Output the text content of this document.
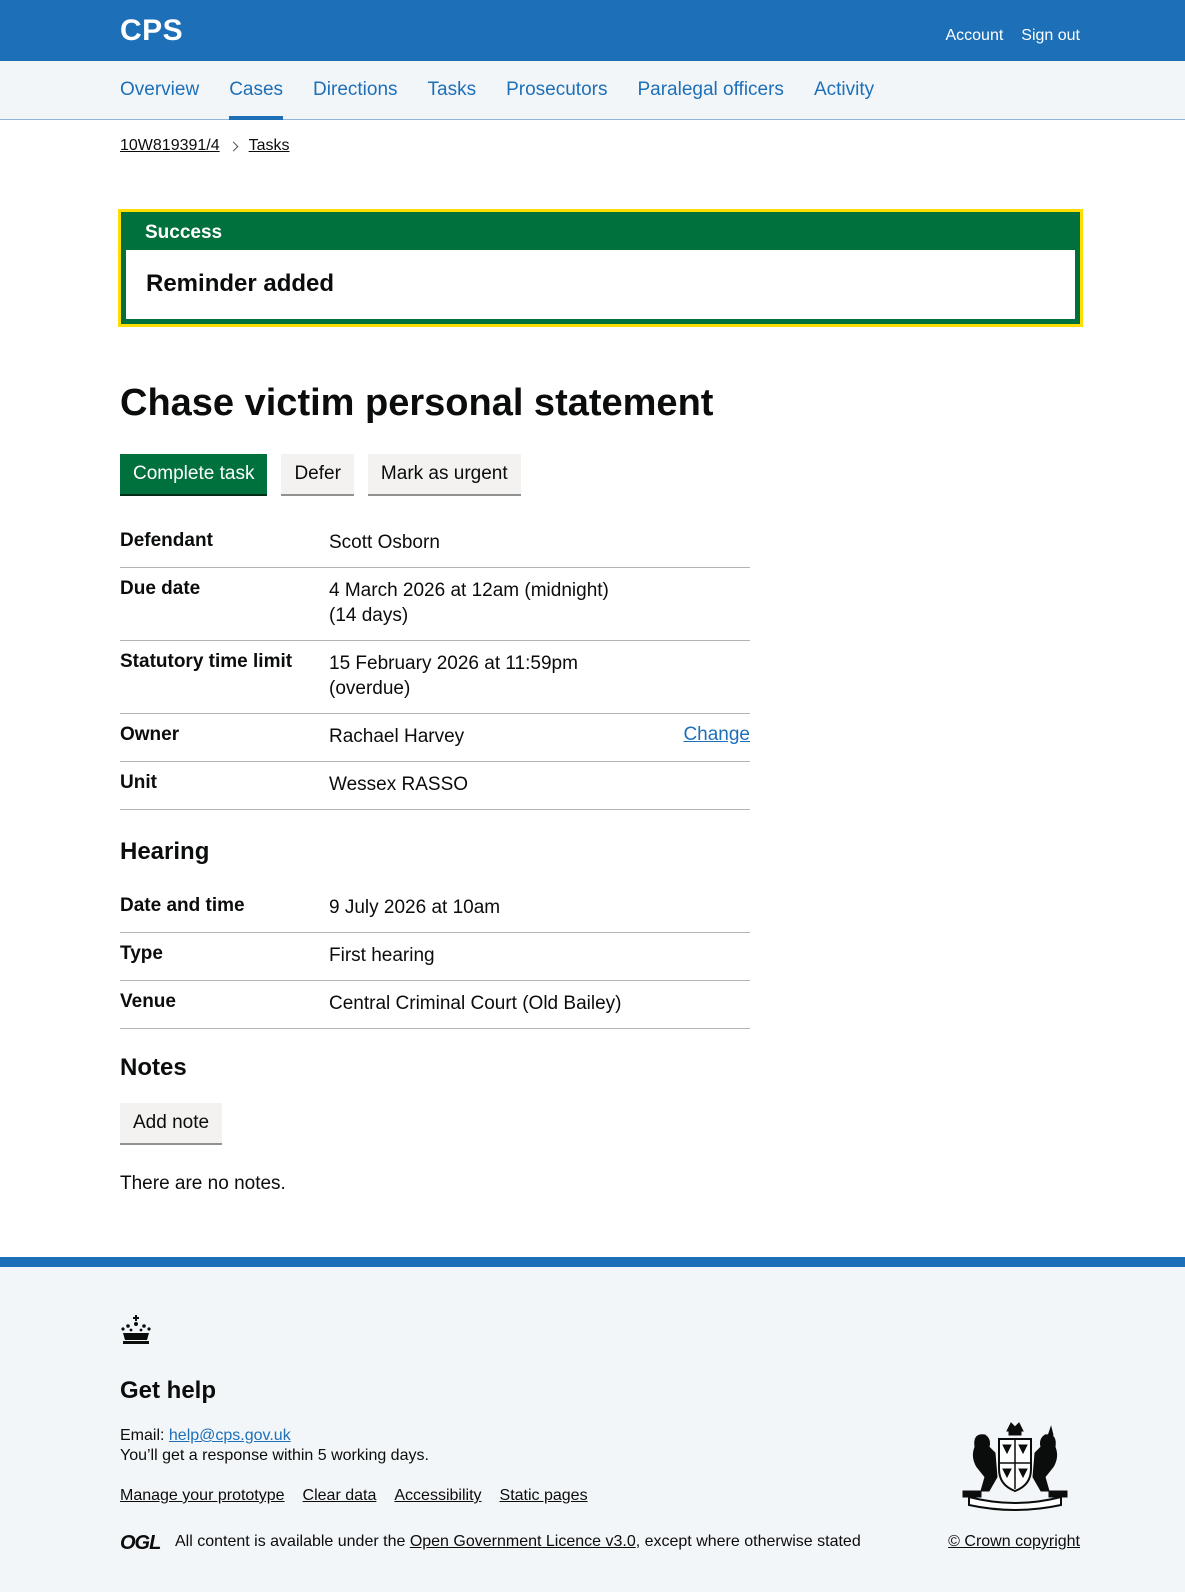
CPS	Account Sign out
Overview Cases Directions Tasks Prosecutors Paralegal officers Activity
10W819391/4 Tasks
Success
Reminder added
Chase victim personal statement
Complete task	Defer	Mark as urgent
Defendant	Scott Osborn
Due date	4 March 2026 at 12am (midnight) (14 days)
Statutory time limit	15 February 2026 at 11:59pm (overdue)
Owner	Rachael Harvey	Change
Unit	Wessex RASSO
Hearing
Date and time	9 July 2026 at 10am
Type	First hearing
Venue	Central Criminal Court (Old Bailey)
Notes
Add note

There are no notes.

Get help
Email: help@cps.gov.uk
You’ll get a response within 5 working days.
Manage your prototype Clear data Accessibility Static pages
OGL All content is available under the Open Government Licence v3.0, except where otherwise stated	© Crown copyright
